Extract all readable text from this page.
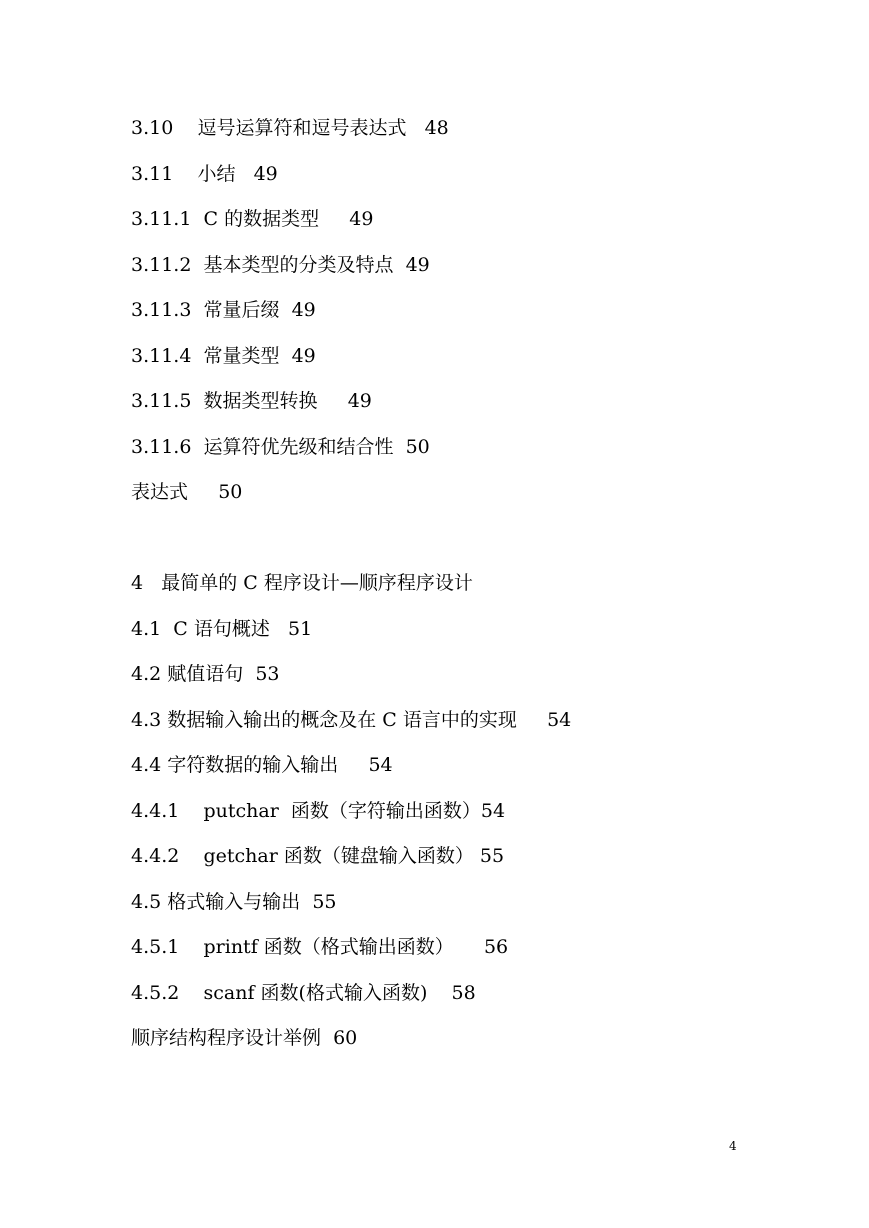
3.10    逗号运算符和逗号表达式   48
3.11    小结   49
3.11.1  C 的数据类型     49
3.11.2  基本类型的分类及特点  49
3.11.3  常量后缀  49
3.11.4  常量类型  49
3.11.5  数据类型转换     49
3.11.6  运算符优先级和结合性  50
表达式     50
4   最简单的 C 程序设计—顺序程序设计
4.1  C 语句概述   51
4.2 赋值语句  53
4.3 数据输入输出的概念及在 C 语言中的实现     54
4.4 字符数据的输入输出     54
4.4.1    putchar  函数（字符输出函数）54
4.4.2    getchar 函数（键盘输入函数） 55
4.5 格式输入与输出  55
4.5.1    printf 函数（格式输出函数）     56
4.5.2    scanf 函数(格式输入函数)    58
顺序结构程序设计举例  60
4
